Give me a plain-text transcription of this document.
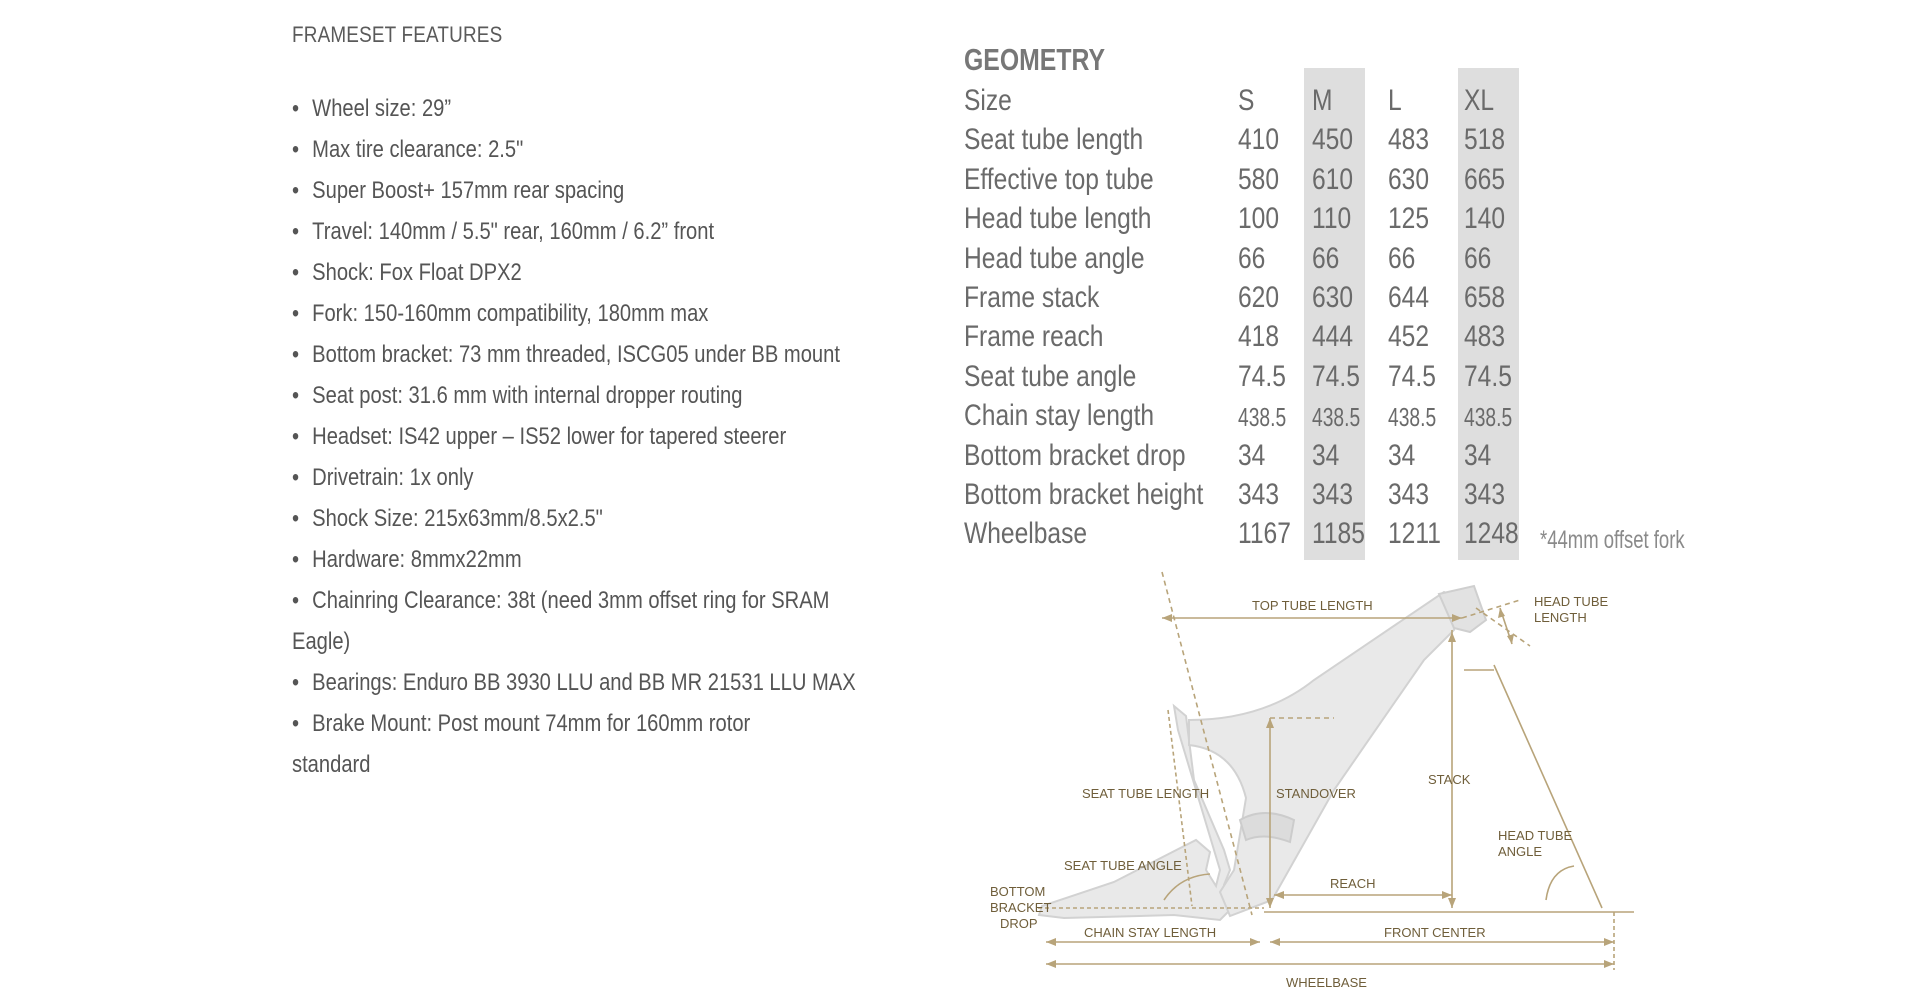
FRAMESET FEATURES
• Wheel size: 29”
• Max tire clearance: 2.5"
• Super Boost+ 157mm rear spacing
• Travel: 140mm / 5.5" rear, 160mm / 6.2” front
• Shock: Fox Float DPX2
• Fork: 150-160mm compatibility, 180mm max
• Bottom bracket: 73 mm threaded, ISCG05 under BB mount
• Seat post: 31.6 mm with internal dropper routing
• Headset: IS42 upper – IS52 lower for tapered steerer
• Drivetrain: 1x only
• Shock Size: 215x63mm/8.5x2.5"
• Hardware: 8mmx22mm
• Chainring Clearance: 38t (need 3mm offset ring for SRAM
Eagle)
• Bearings: Enduro BB 3930 LLU and BB MR 21531 LLU MAX
• Brake Mount: Post mount 74mm for 160mm rotor
standard
GEOMETRY
Size	S M L XL
Seat tube length	410 450 483 518
Effective top tube	580 610 630 665
Head tube length	100 110 125 140
Head tube angle	66 66 66 66
Frame stack	620 630 644 658
Frame reach	418 444 452 483
Seat tube angle	74.5 74.5 74.5 74.5
Chain stay length	438.5 438.5 438.5 438.5
Bottom bracket drop 34 34 34 34
Bottom bracket height 343 343 343 343
Wheelbase	1167 1185 1211 1248 *44mm offset fork
TOP TUBE LENGTH	HEAD TUBE
LENGTH
SEAT TUBE LENGTH	STANDOVER
STACK
HEAD TUBE
ANGLE
SEAT TUBE ANGLE
BOTTOM
BRACKET
DROP
REACH
CHAIN STAY LENGTH	FRONT CENTER
WHEELBASE
